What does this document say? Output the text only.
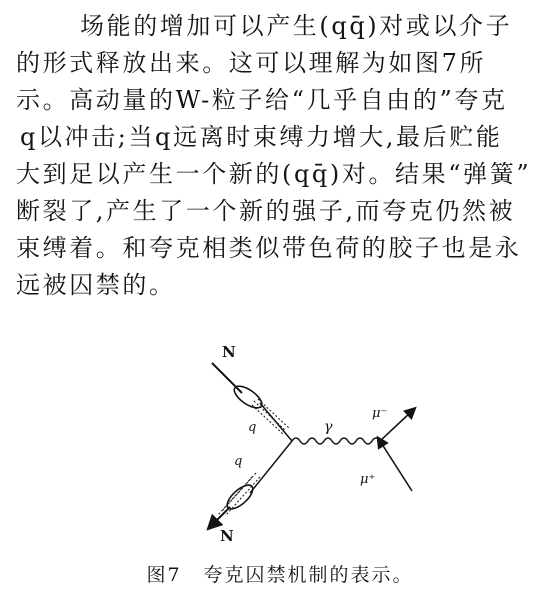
场能的增加可以产生(qq̄)对或以介子
的形式释放出来。这可以理解为如图7所
示。高动量的W-粒子给“几乎自由的”夸克
q以冲击;当q远离时束缚力增大,最后贮能
大到足以产生一个新的(qq̄)对。结果“弹簧”
断裂了,产生了一个新的强子,而夸克仍然被
束缚着。和夸克相类似带色荷的胶子也是永
远被囚禁的。
N
q
q
N
γ
μ⁻
μ⁺
图7 夸克囚禁机制的表示。
